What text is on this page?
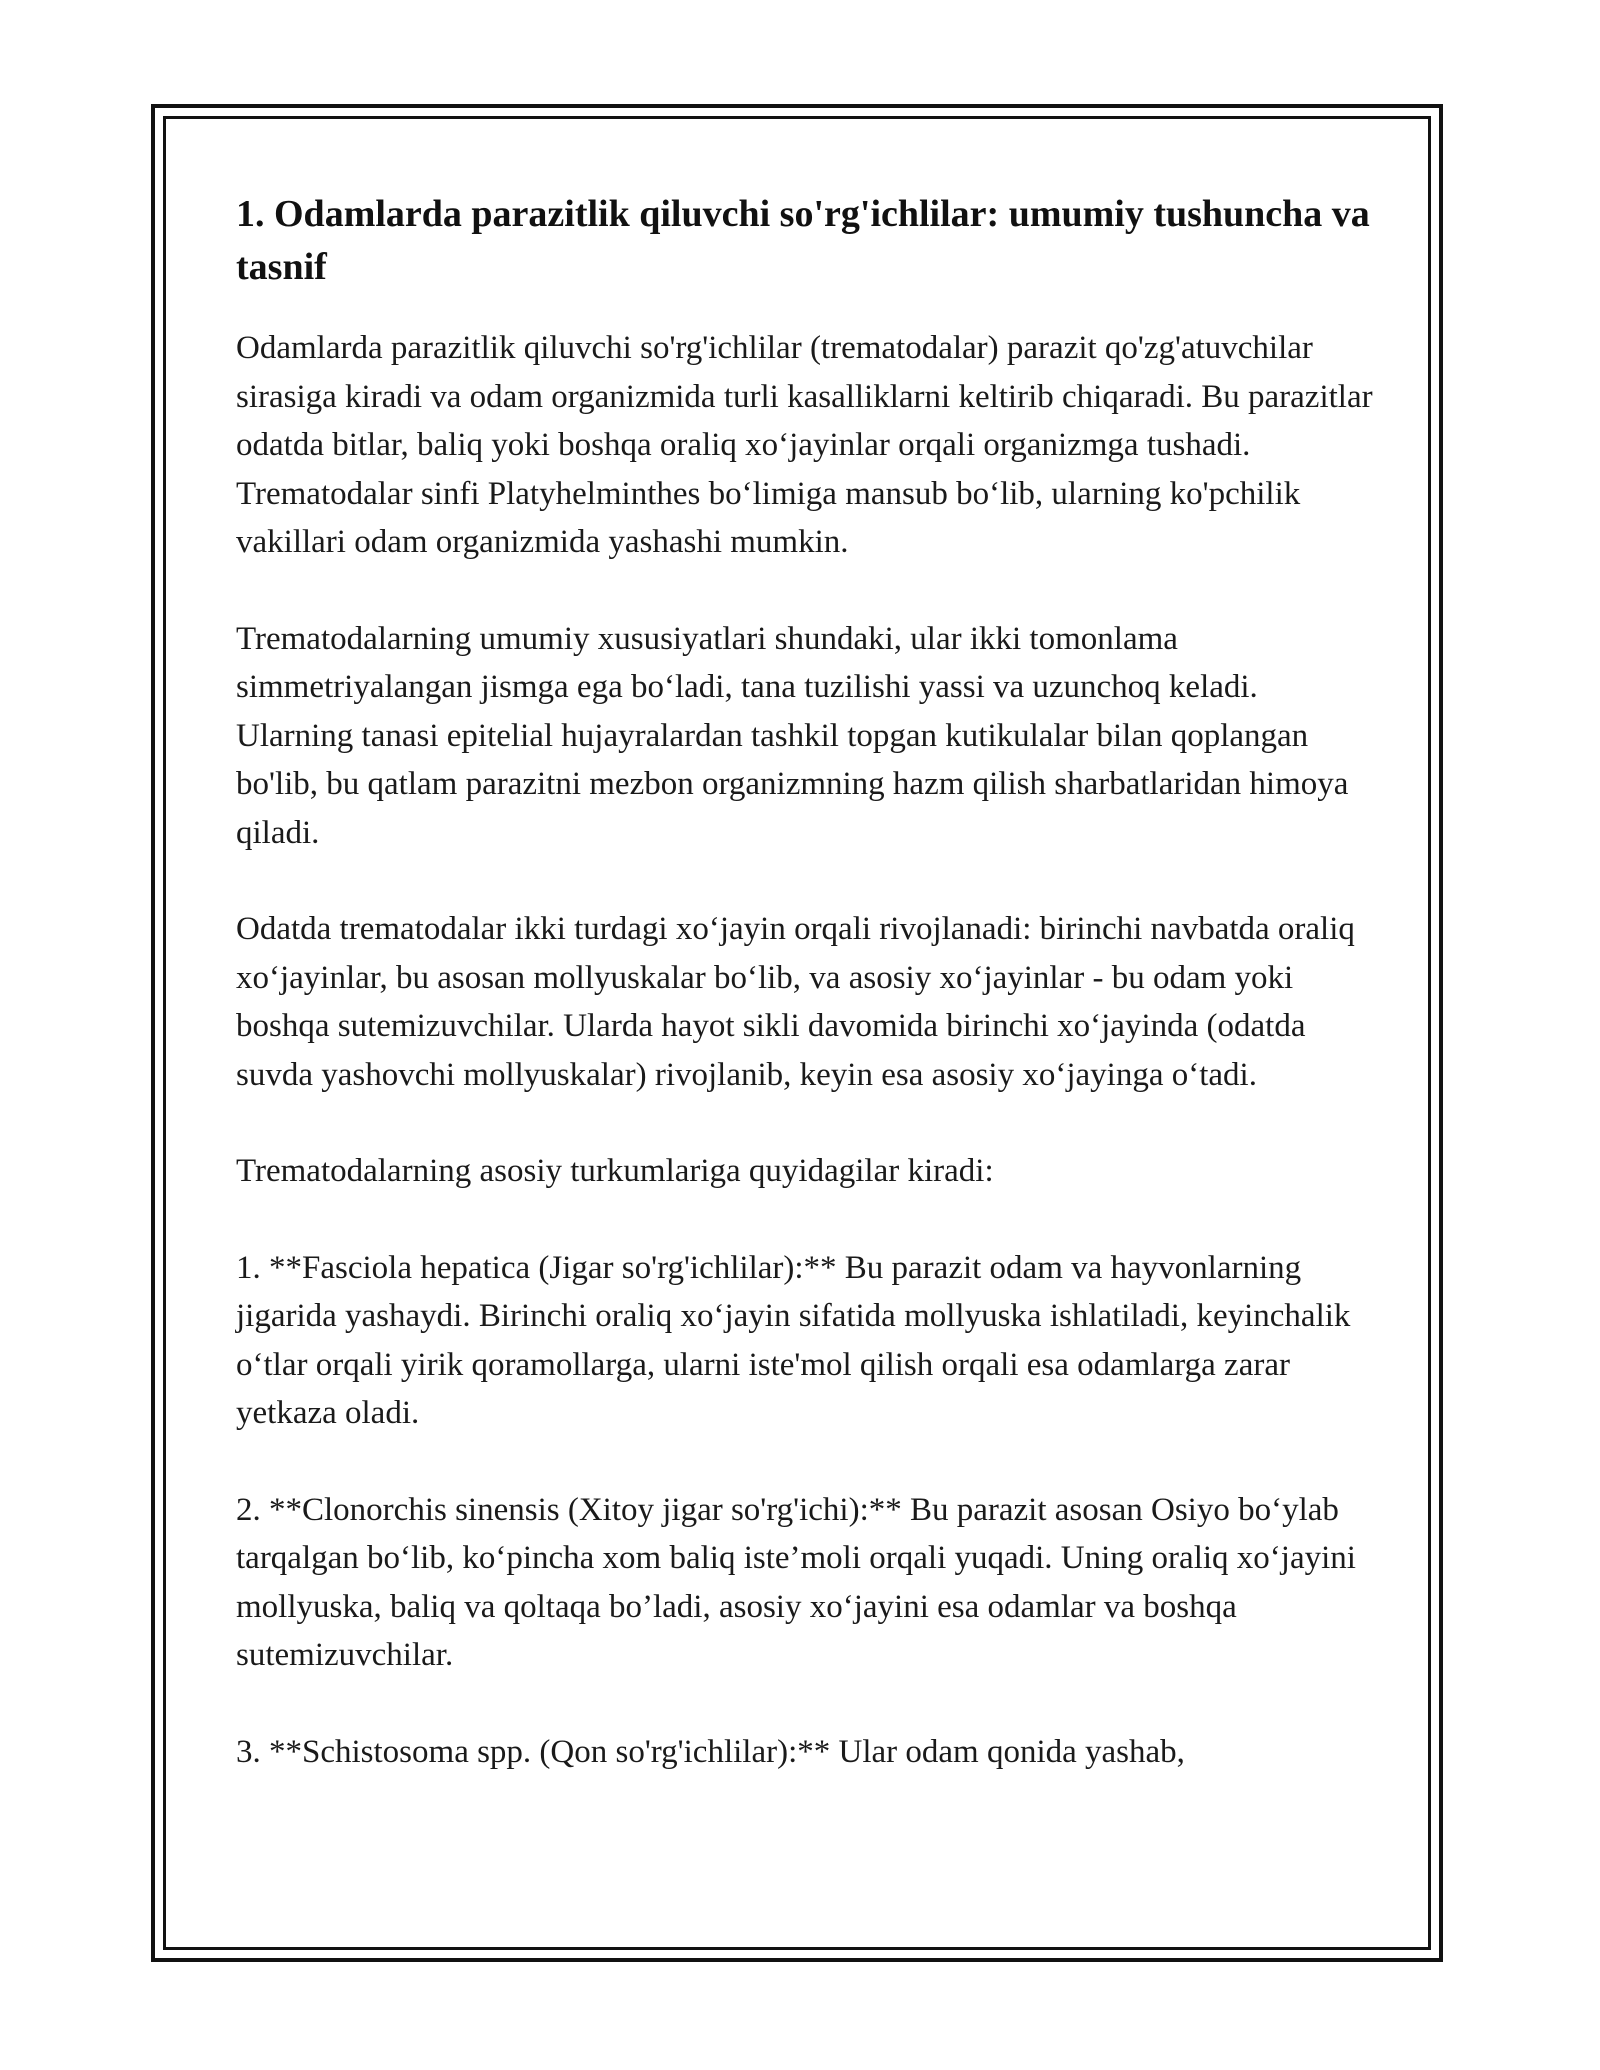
1. Odamlarda parazitlik qiluvchi so'rg'ichlilar: umumiy tushuncha va tasnif

Odamlarda parazitlik qiluvchi so'rg'ichlilar (trematodalar) parazit qo'zg'atuvchilar sirasiga kiradi va odam organizmida turli kasalliklarni keltirib chiqaradi. Bu parazitlar odatda bitlar, baliq yoki boshqa oraliq xo‘jayinlar orqali organizmga tushadi. Trematodalar sinfi Platyhelminthes bo‘limiga mansub bo‘lib, ularning ko'pchilik vakillari odam organizmida yashashi mumkin.

Trematodalarning umumiy xususiyatlari shundaki, ular ikki tomonlama simmetriyalangan jismga ega bo‘ladi, tana tuzilishi yassi va uzunchoq keladi. Ularning tanasi epitelial hujayralardan tashkil topgan kutikulalar bilan qoplangan bo'lib, bu qatlam parazitni mezbon organizmning hazm qilish sharbatlaridan himoya qiladi.

Odatda trematodalar ikki turdagi xo‘jayin orqali rivojlanadi: birinchi navbatda oraliq xo‘jayinlar, bu asosan mollyuskalar bo‘lib, va asosiy xo‘jayinlar - bu odam yoki boshqa sutemizuvchilar. Ularda hayot sikli davomida birinchi xo‘jayinda (odatda suvda yashovchi mollyuskalar) rivojlanib, keyin esa asosiy xo‘jayinga o‘tadi.

Trematodalarning asosiy turkumlariga quyidagilar kiradi:

1. **Fasciola hepatica (Jigar so'rg'ichlilar):** Bu parazit odam va hayvonlarning jigarida yashaydi. Birinchi oraliq xo‘jayin sifatida mollyuska ishlatiladi, keyinchalik o‘tlar orqali yirik qoramollarga, ularni iste'mol qilish orqali esa odamlarga zarar yetkaza oladi.

2. **Clonorchis sinensis (Xitoy jigar so'rg'ichi):** Bu parazit asosan Osiyo bo‘ylab tarqalgan bo‘lib, ko‘pincha xom baliq iste’moli orqali yuqadi. Uning oraliq xo‘jayini mollyuska, baliq va qoltaqa bo’ladi, asosiy xo‘jayini esa odamlar va boshqa sutemizuvchilar.

3. **Schistosoma spp. (Qon so'rg'ichlilar):** Ular odam qonida yashab,
